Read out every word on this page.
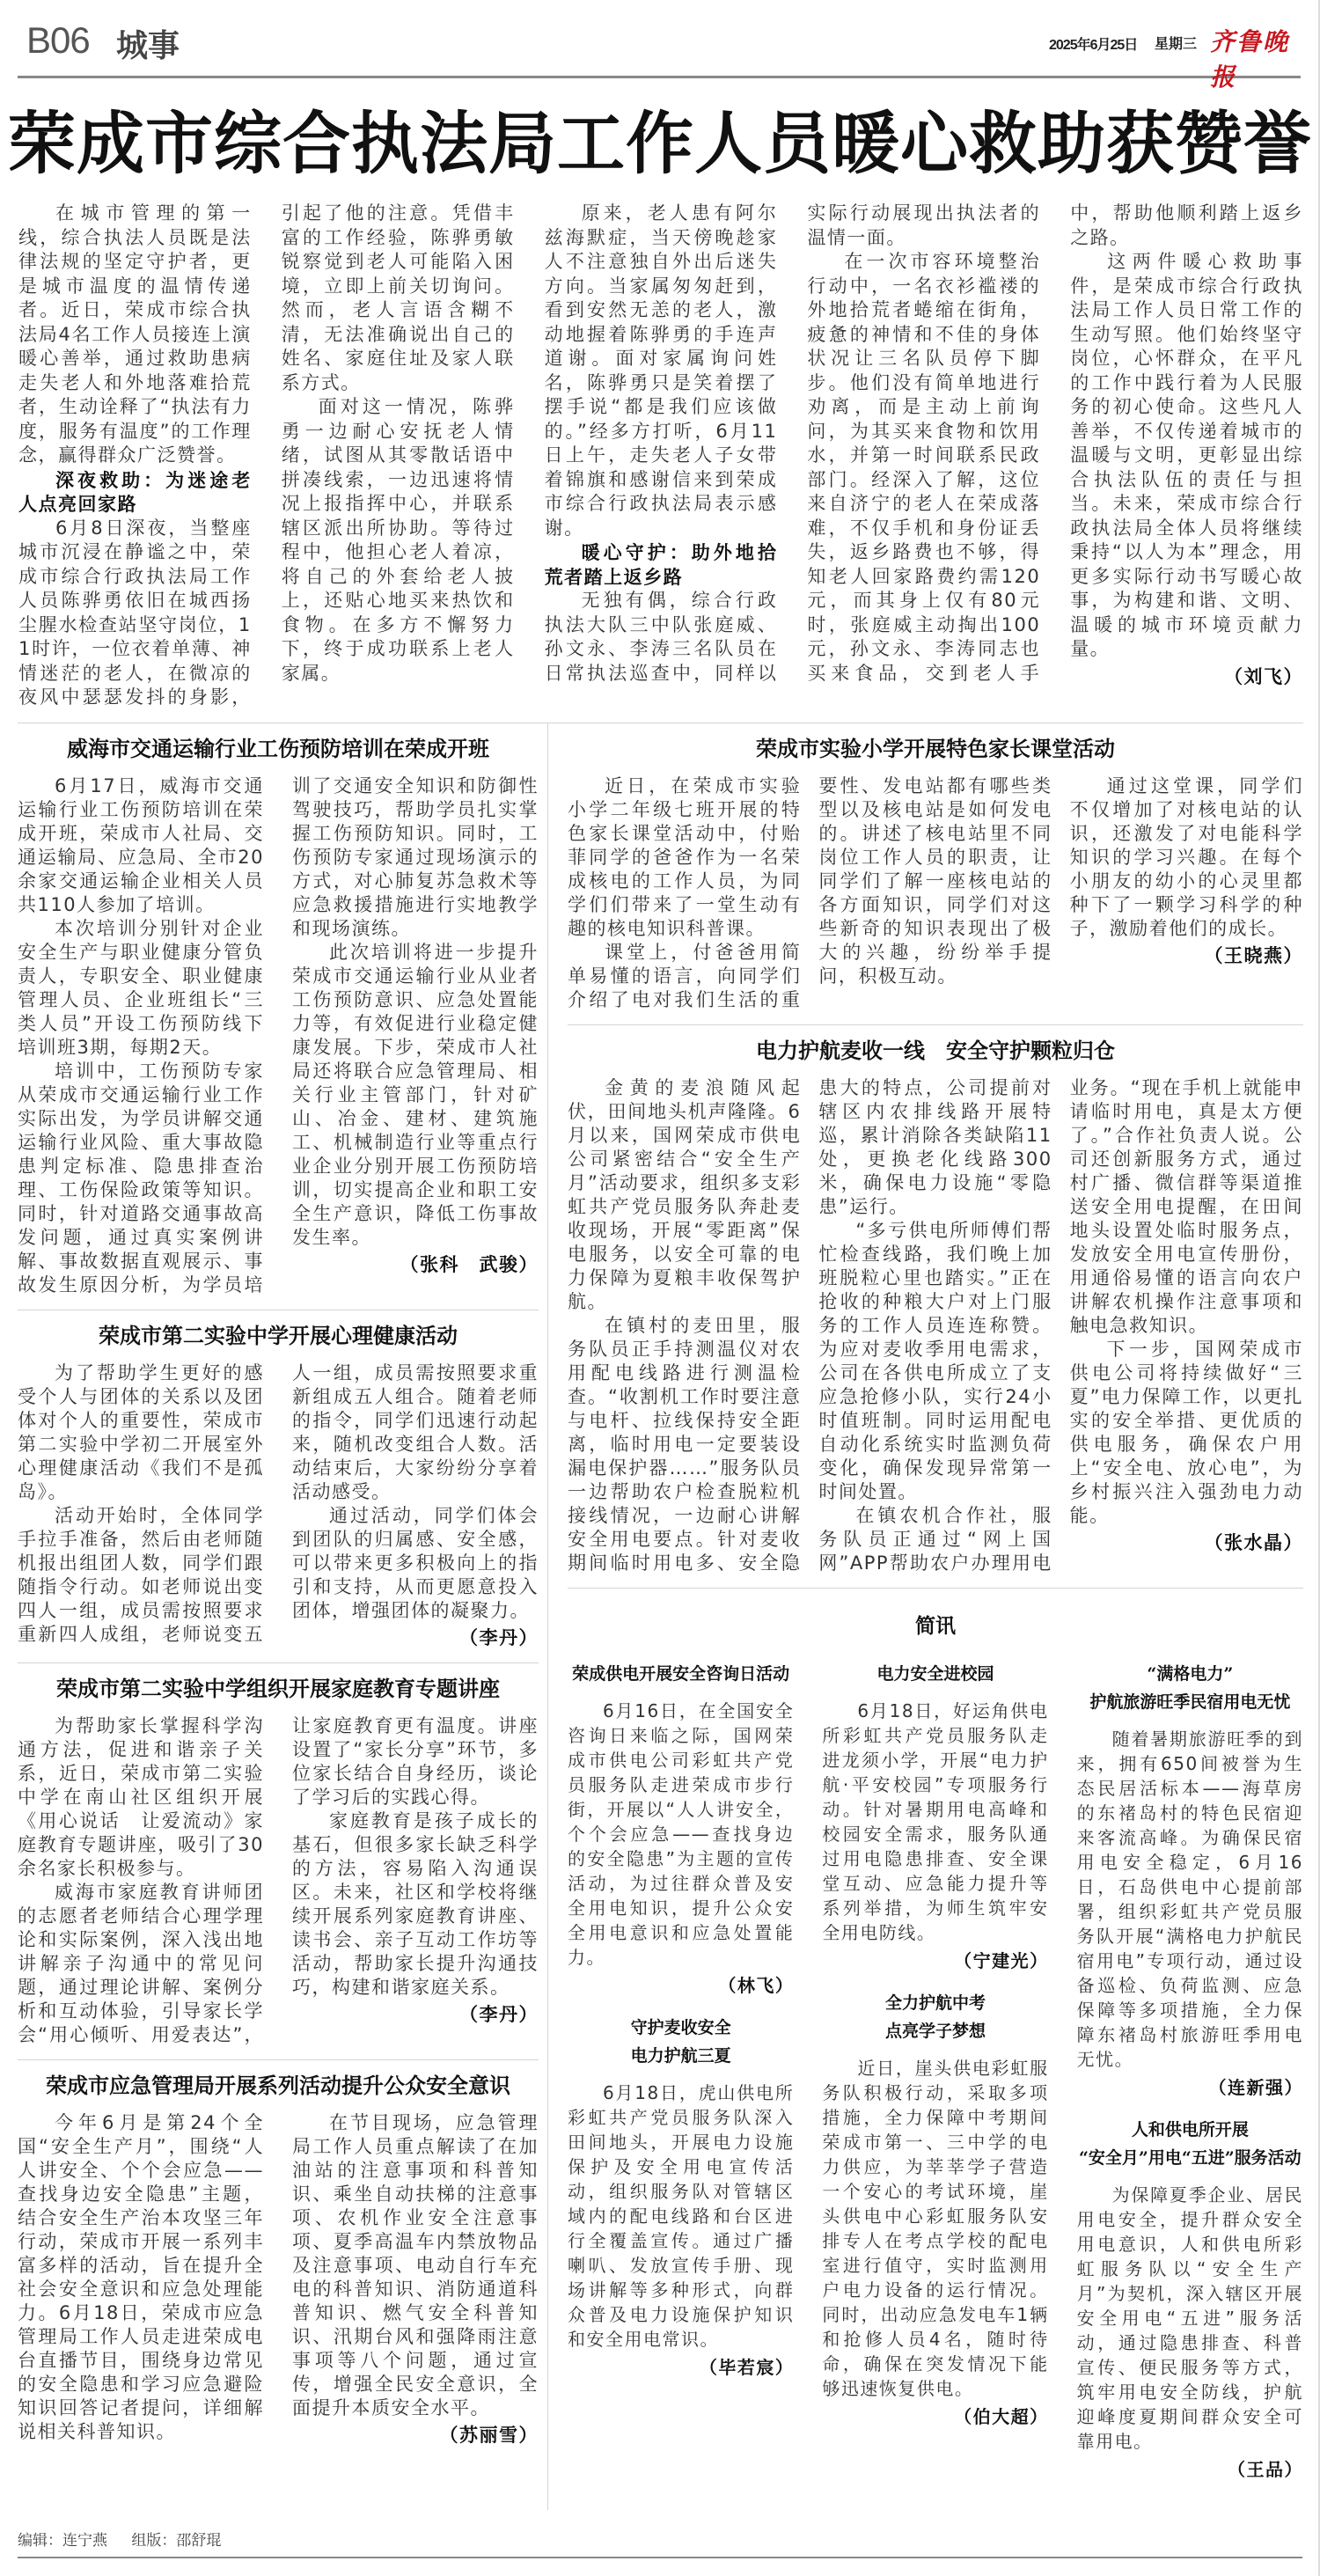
B06 城事	2025年6月25日 星期三 齐鲁晚报
荣成市综合执法局工作人员暖心救助获赞誉

在城市管理的第一线，综合执法人员既是法律法规的坚定守护者，更是城市温度的温情传递者。近日，荣成市综合执法局4名工作人员接连上演暖心善举，通过救助患病走失老人和外地落难拾荒者，生动诠释了“执法有力度，服务有温度”的工作理念，赢得群众广泛赞誉。

深夜救助：为迷途老人点亮回家路

6月8日深夜，当整座城市沉浸在静谧之中，荣成市综合行政执法局工作人员陈骅勇依旧在城西扬尘腥水检查站坚守岗位，11时许，一位衣着单薄、神情迷茫的老人，在微凉的夜风中瑟瑟发抖的身影，引起了他的注意。凭借丰富的工作经验，陈骅勇敏锐察觉到老人可能陷入困境，立即上前关切询问。然而，老人言语含糊不清，无法准确说出自己的姓名、家庭住址及家人联系方式。

面对这一情况，陈骅勇一边耐心安抚老人情绪，试图从其零散话语中拼凑线索，一边迅速将情况上报指挥中心，并联系辖区派出所协助。等待过程中，他担心老人着凉，将自己的外套给老人披上，还贴心地买来热饮和食物。在多方不懈努力下，终于成功联系上老人家属。

原来，老人患有阿尔兹海默症，当天傍晚趁家人不注意独自外出后迷失方向。当家属匆匆赶到，看到安然无恙的老人，激动地握着陈骅勇的手连声道谢。面对家属询问姓名，陈骅勇只是笑着摆了摆手说“都是我们应该做的。”经多方打听，6月11日上午，走失老人子女带着锦旗和感谢信来到荣成市综合行政执法局表示感谢。

暖心守护：助外地拾荒者踏上返乡路

无独有偶，综合行政执法大队三中队张庭威、孙文永、李涛三名队员在日常执法巡查中，同样以实际行动展现出执法者的温情一面。

在一次市容环境整治行动中，一名衣衫褴褛的外地拾荒者蜷缩在街角，疲惫的神情和不佳的身体状况让三名队员停下脚步。他们没有简单地进行劝离，而是主动上前询问，为其买来食物和饮用水，并第一时间联系民政部门。经深入了解，这位来自济宁的老人在荣成落难，不仅手机和身份证丢失，返乡路费也不够，得知老人回家路费约需120元，而其身上仅有80元时，张庭威主动掏出100元，孙文永、李涛同志也买来食品，交到老人手中，帮助他顺利踏上返乡之路。

这两件暖心救助事件，是荣成市综合行政执法局工作人员日常工作的生动写照。他们始终坚守岗位，心怀群众，在平凡的工作中践行着为人民服务的初心使命。这些凡人善举，不仅传递着城市的温暖与文明，更彰显出综合执法队伍的责任与担当。未来，荣成市综合行政执法局全体人员将继续秉持“以人为本”理念，用更多实际行动书写暖心故事，为构建和谐、文明、温暖的城市环境贡献力量。

（刘飞）

威海市交通运输行业工伤预防培训在荣成开班

6月17日，威海市交通运输行业工伤预防培训在荣成开班，荣成市人社局、交通运输局、应急局、全市20余家交通运输企业相关人员共110人参加了培训。

本次培训分别针对企业安全生产与职业健康分管负责人，专职安全、职业健康管理人员、企业班组长“三类人员”开设工伤预防线下培训班3期，每期2天。

培训中，工伤预防专家从荣成市交通运输行业工作实际出发，为学员讲解交通运输行业风险、重大事故隐患判定标准、隐患排查治理、工伤保险政策等知识。同时，针对道路交通事故高发问题，通过真实案例讲解、事故数据直观展示、事故发生原因分析，为学员培训了交通安全知识和防御性驾驶技巧，帮助学员扎实掌握工伤预防知识。同时，工伤预防专家通过现场演示的方式，对心肺复苏急救术等应急救援措施进行实地教学和现场演练。

此次培训将进一步提升荣成市交通运输行业从业者工伤预防意识、应急处置能力等，有效促进行业稳定健康发展。下步，荣成市人社局还将联合应急管理局、相关行业主管部门，针对矿山、冶金、建材、建筑施工、机械制造行业等重点行业企业分别开展工伤预防培训，切实提高企业和职工安全生产意识，降低工伤事故发生率。

（张科　武骏）

荣成市第二实验中学开展心理健康活动

为了帮助学生更好的感受个人与团体的关系以及团体对个人的重要性，荣成市第二实验中学初二开展室外心理健康活动《我们不是孤岛》。

活动开始时，全体同学手拉手准备，然后由老师随机报出组团人数，同学们跟随指令行动。如老师说出变四人一组，成员需按照要求重新四人成组，老师说变五人一组，成员需按照要求重新组成五人组合。随着老师的指令，同学们迅速行动起来，随机改变组合人数。活动结束后，大家纷纷分享着活动感受。

通过活动，同学们体会到团队的归属感、安全感，可以带来更多积极向上的指引和支持，从而更愿意投入团体，增强团体的凝聚力。

（李丹）

荣成市第二实验中学组织开展家庭教育专题讲座

为帮助家长掌握科学沟通方法，促进和谐亲子关系，近日，荣成市第二实验中学在南山社区组织开展《用心说话　让爱流动》家庭教育专题讲座，吸引了30余名家长积极参与。

威海市家庭教育讲师团的志愿者老师结合心理学理论和实际案例，深入浅出地讲解亲子沟通中的常见问题，通过理论讲解、案例分析和互动体验，引导家长学会“用心倾听、用爱表达”，让家庭教育更有温度。讲座设置了“家长分享”环节，多位家长结合自身经历，谈论了学习后的实践心得。

家庭教育是孩子成长的基石，但很多家长缺乏科学的方法，容易陷入沟通误区。未来，社区和学校将继续开展系列家庭教育讲座、读书会、亲子互动工作坊等活动，帮助家长提升沟通技巧，构建和谐家庭关系。

（李丹）

荣成市应急管理局开展系列活动提升公众安全意识

今年6月是第24个全国“安全生产月”，围绕“人人讲安全、个个会应急——查找身边安全隐患”主题，结合安全生产治本攻坚三年行动，荣成市开展一系列丰富多样的活动，旨在提升全社会安全意识和应急处理能力。6月18日，荣成市应急管理局工作人员走进荣成电台直播节目，围绕身边常见的安全隐患和学习应急避险知识回答记者提问，详细解说相关科普知识。

在节目现场，应急管理局工作人员重点解读了在加油站的注意事项和科普知识、乘坐自动扶梯的注意事项、农机作业安全注意事项、夏季高温车内禁放物品及注意事项、电动自行车充电的科普知识、消防通道科普知识、燃气安全科普知识、汛期台风和强降雨注意事项等八个问题，通过宣传，增强全民安全意识，全面提升本质安全水平。

（苏丽雪）

荣成市实验小学开展特色家长课堂活动

近日，在荣成市实验小学二年级七班开展的特色家长课堂活动中，付贻菲同学的爸爸作为一名荣成核电的工作人员，为同学们们带来了一堂生动有趣的核电知识科普课。

课堂上，付爸爸用简单易懂的语言，向同学们介绍了电对我们生活的重要性、发电站都有哪些类型以及核电站是如何发电的。讲述了核电站里不同岗位工作人员的职责，让同学们了解一座核电站的各方面知识，同学们对这些新奇的知识表现出了极大的兴趣，纷纷举手提问，积极互动。

通过这堂课，同学们不仅增加了对核电站的认识，还激发了对电能科学知识的学习兴趣。在每个小朋友的幼小的心灵里都种下了一颗学习科学的种子，激励着他们的成长。

（王晓燕）

电力护航麦收一线　安全守护颗粒归仓

金黄的麦浪随风起伏，田间地头机声隆隆。6月以来，国网荣成市供电公司紧密结合“安全生产月”活动要求，组织多支彩虹共产党员服务队奔赴麦收现场，开展“零距离”保电服务，以安全可靠的电力保障为夏粮丰收保驾护航。

在镇村的麦田里，服务队员正手持测温仪对农用配电线路进行测温检查。“收割机工作时要注意与电杆、拉线保持安全距离，临时用电一定要装设漏电保护器……”服务队员一边帮助农户检查脱粒机接线情况，一边耐心讲解安全用电要点。针对麦收期间临时用电多、安全隐患大的特点，公司提前对辖区内农排线路开展特巡，累计消除各类缺陷11处，更换老化线路300米，确保电力设施“零隐患”运行。

“多亏供电所师傅们帮忙检查线路，我们晚上加班脱粒心里也踏实。”正在抢收的种粮大户对上门服务的工作人员连连称赞。为应对麦收季用电需求，公司在各供电所成立了支应急抢修小队，实行24小时值班制。同时运用配电自动化系统实时监测负荷变化，确保发现异常第一时间处置。

在镇农机合作社，服务队员正通过“网上国网”APP帮助农户办理用电业务。“现在手机上就能申请临时用电，真是太方便了。”合作社负责人说。公司还创新服务方式，通过村广播、微信群等渠道推送安全用电提醒，在田间地头设置处临时服务点，发放安全用电宣传册份，用通俗易懂的语言向农户讲解农机操作注意事项和触电急救知识。

下一步，国网荣成市供电公司将持续做好“三夏”电力保障工作，以更扎实的安全举措、更优质的供电服务，确保农户用上“安全电、放心电”，为乡村振兴注入强劲电力动能。

（张水晶）

简讯
荣成供电开展安全咨询日活动

6月16日，在全国安全咨询日来临之际，国网荣成市供电公司彩虹共产党员服务队走进荣成市步行街，开展以“人人讲安全，个个会应急——查找身边的安全隐患”为主题的宣传活动，为过往群众普及安全用电知识，提升公众安全用电意识和应急处置能力。

（林飞）

守护麦收安全
电力护航三夏

6月18日，虎山供电所彩虹共产党员服务队深入田间地头，开展电力设施保护及安全用电宣传活动，组织服务队对管辖区域内的配电线路和台区进行全覆盖宣传。通过广播喇叭、发放宣传手册、现场讲解等多种形式，向群众普及电力设施保护知识和安全用电常识。

（毕若宸）

电力安全进校园

6月18日，好运角供电所彩虹共产党员服务队走进龙须小学，开展“电力护航·平安校园”专项服务行动。针对暑期用电高峰和校园安全需求，服务队通过用电隐患排查、安全课堂互动、应急能力提升等系列举措，为师生筑牢安全用电防线。

（宁建光）

全力护航中考
点亮学子梦想

近日，崖头供电彩虹服务队积极行动，采取多项措施，全力保障中考期间荣成市第一、三中学的电力供应，为莘莘学子营造一个安心的考试环境，崖头供电中心彩虹服务队安排专人在考点学校的配电室进行值守，实时监测用户电力设备的运行情况。同时，出动应急发电车1辆和抢修人员4名，随时待命，确保在突发情况下能够迅速恢复供电。

（伯大超）

“满格电力”
护航旅游旺季民宿用电无忧

随着暑期旅游旺季的到来，拥有650间被誉为生态民居活标本——海草房的东褚岛村的特色民宿迎来客流高峰。为确保民宿用电安全稳定，6月16日，石岛供电中心提前部署，组织彩虹共产党员服务队开展“满格电力护航民宿用电”专项行动，通过设备巡检、负荷监测、应急保障等多项措施，全力保障东褚岛村旅游旺季用电无忧。

（连新强）

人和供电所开展
“安全月”用电“五进”服务活动

为保障夏季企业、居民用电安全，提升群众安全用电意识，人和供电所彩虹服务队以“安全生产月”为契机，深入辖区开展安全用电“五进”服务活动，通过隐患排查、科普宣传、便民服务等方式，筑牢用电安全防线，护航迎峰度夏期间群众安全可靠用电。

（王品）

编辑：连宁燕 组版：邵舒琨
